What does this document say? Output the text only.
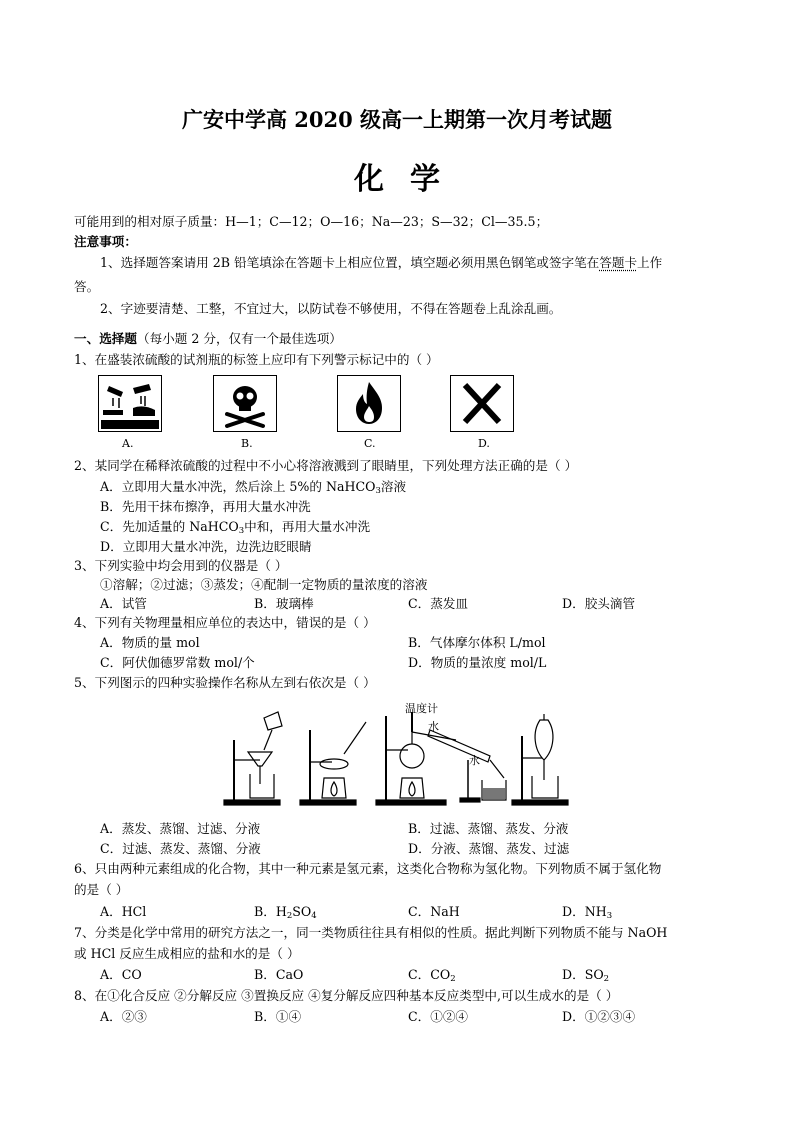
广安中学高 2020 级高一上期第一次月考试题
化学
可能用到的相对原子质量：H—1；C—12；O—16；Na—23；S—32；Cl—35.5；
注意事项：
1、选择题答案请用 2B 铅笔填涂在答题卡上相应位置，填空题必须用黑色钢笔或签字笔在答题卡上作
答。
2、字迹要清楚、工整，不宜过大，以防试卷不够使用，不得在答题卷上乱涂乱画。
一、选择题（每小题 2 分，仅有一个最佳选项）
1、在盛装浓硫酸的试剂瓶的标签上应印有下列警示标记中的（ ）
A.	B.	C.	D.
2、某同学在稀释浓硫酸的过程中不小心将溶液溅到了眼睛里，下列处理方法正确的是（ ）
A．立即用大量水冲洗，然后涂上 5%的 NaHCO$_3$溶液
B．先用干抹布擦净，再用大量水冲洗
C．先加适量的 NaHCO$_3$中和，再用大量水冲洗
D．立即用大量水冲洗，边洗边眨眼睛
3、下列实验中均会用到的仪器是（ ）
①溶解；②过滤；③蒸发；④配制一定物质的量浓度的溶液
A．试管	B．玻璃棒	C．蒸发皿	D．胶头滴管
4、下列有关物理量相应单位的表达中，错误的是（ ）
A．物质的量 mol	B．气体摩尔体积 L/mol
C．阿伏伽德罗常数 mol/个	D．物质的量浓度 mol/L
5、下列图示的四种实验操作名称从左到右依次是（ ）
温度计
水
水
A．蒸发、蒸馏、过滤、分液	B．过滤、蒸馏、蒸发、分液
C．过滤、蒸发、蒸馏、分液	D．分液、蒸馏、蒸发、过滤
6、只由两种元素组成的化合物，其中一种元素是氢元素，这类化合物称为氢化物。下列物质不属于氢化物
的是（ ）
A．HCl	B．$H_2SO_4$	C．NaH	D．$NH_3$
7、分类是化学中常用的研究方法之一，同一类物质往往具有相似的性质。据此判断下列物质不能与 NaOH
或 HCl 反应生成相应的盐和水的是（ ）
A．CO	B．CaO	C．$CO_2$	D．$SO_2$
8、在①化合反应 ②分解反应 ③置换反应 ④复分解反应四种基本反应类型中,可以生成水的是（ ）
A．②③	B．①④	C．①②④	D．①②③④
